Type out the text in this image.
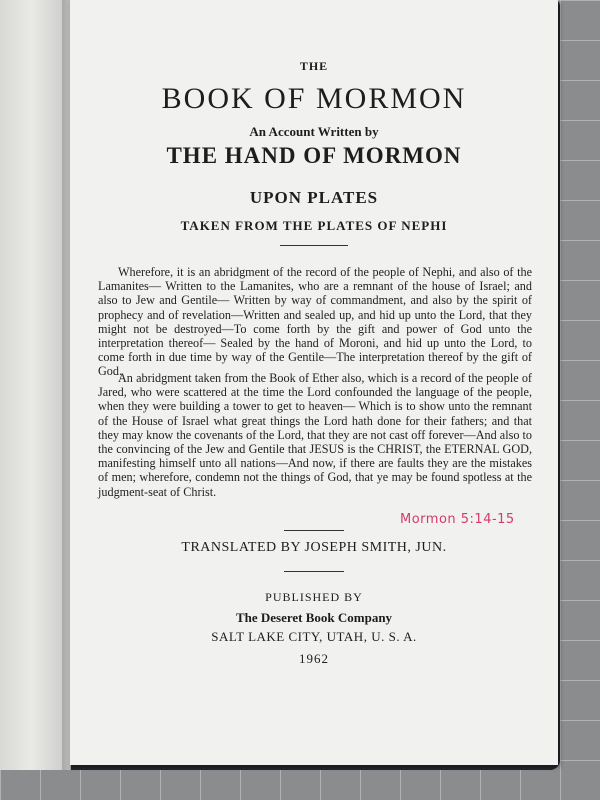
THE
BOOK OF MORMON
An Account Written by
THE HAND OF MORMON
UPON PLATES
TAKEN FROM THE PLATES OF NEPHI
Wherefore, it is an abridgment of the record of the people of Nephi, and also of the Lamanites— Written to the Lamanites, who are a remnant of the house of Israel; and also to Jew and Gentile— Written by way of commandment, and also by the spirit of prophecy and of revelation—Written and sealed up, and hid up unto the Lord, that they might not be destroyed—To come forth by the gift and power of God unto the interpretation thereof— Sealed by the hand of Moroni, and hid up unto the Lord, to come forth in due time by way of the Gentile—The interpretation thereof by the gift of God.
An abridgment taken from the Book of Ether also, which is a record of the people of Jared, who were scattered at the time the Lord confounded the language of the people, when they were building a tower to get to heaven— Which is to show unto the remnant of the House of Israel what great things the Lord hath done for their fathers; and that they may know the covenants of the Lord, that they are not cast off forever—And also to the convincing of the Jew and Gentile that JESUS is the CHRIST, the ETERNAL GOD, manifesting himself unto all nations—And now, if there are faults they are the mistakes of men; wherefore, condemn not the things of God, that ye may be found spotless at the judgment-seat of Christ.
Mormon 5:14-15
TRANSLATED BY JOSEPH SMITH, JUN.
PUBLISHED BY
The Deseret Book Company
SALT LAKE CITY, UTAH, U. S. A.
1962
